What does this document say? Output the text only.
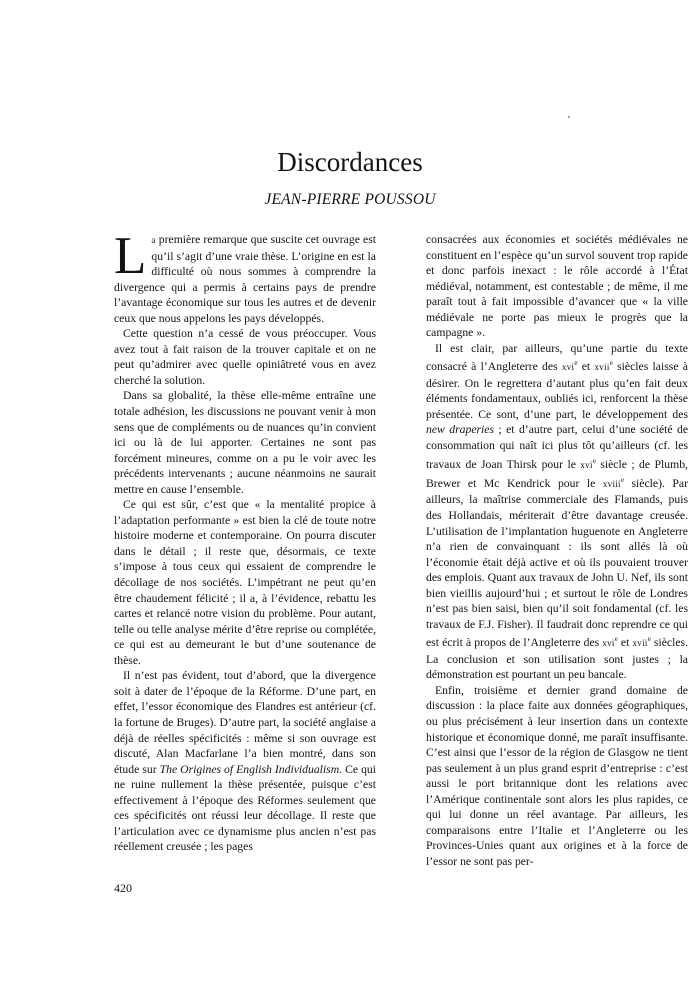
Discordances
JEAN-PIERRE POUSSOU

La première remarque que suscite cet ouvrage est qu’il s’agit d’une vraie thèse. L’origine en est la difficulté où nous sommes à comprendre la divergence qui a permis à certains pays de prendre l’avantage économique sur tous les autres et de devenir ceux que nous appelons les pays développés.

Cette question n’a cessé de vous préoccuper. Vous avez tout à fait raison de la trouver capitale et on ne peut qu’admirer avec quelle opiniâtreté vous en avez cherché la solution.

Dans sa globalité, la thèse elle-même entraîne une totale adhésion, les discussions ne pouvant venir à mon sens que de compléments ou de nuances qu’in convient ici ou là de lui apporter. Certaines ne sont pas forcément mineures, comme on a pu le voir avec les précédents intervenants ; aucune néanmoins ne saurait mettre en cause l’ensemble.

Ce qui est sûr, c’est que « la mentalité propice à l’adaptation performante » est bien la clé de toute notre histoire moderne et contemporaine. On pourra discuter dans le détail ; il reste que, désormais, ce texte s’impose à tous ceux qui essaient de comprendre le décollage de nos sociétés. L’impétrant ne peut qu’en être chaudement félicité ; il a, à l’évidence, rebattu les cartes et relancé notre vision du problème. Pour autant, telle ou telle analyse mérite d’être reprise ou complétée, ce qui est au demeurant le but d’une soutenance de thèse.

Il n’est pas évident, tout d’abord, que la divergence soit à dater de l’époque de la Réforme. D’une part, en effet, l’essor économique des Flandres est antérieur (cf. la fortune de Bruges). D’autre part, la société anglaise a déjà de réelles spécificités : même si son ouvrage est discuté, Alan Macfarlane l’a bien montré, dans son étude sur The Origines of English Individualism. Ce qui ne ruine nullement la thèse présentée, puisque c’est effectivement à l’époque des Réformes seulement que ces spécificités ont réussi leur décollage. Il reste que l’articulation avec ce dynamisme plus ancien n’est pas réellement creusée ; les pages

consacrées aux économies et sociétés médiévales ne constituent en l’espèce qu’un survol souvent trop rapide et donc parfois inexact : le rôle accordé à l’État médiéval, notamment, est contestable ; de même, il me paraît tout à fait impossible d’avancer que « la ville médiévale ne porte pas mieux le progrès que la campagne ».

Il est clair, par ailleurs, qu’une partie du texte consacré à l’Angleterre des xvi$^e$ et xvii$^e$ siècles laisse à désirer. On le regrettera d’autant plus qu’en fait deux éléments fondamentaux, oubliés ici, renforcent la thèse présentée. Ce sont, d’une part, le développement des new draperies ; et d’autre part, celui d’une société de consommation qui naît ici plus tôt qu’ailleurs (cf. les travaux de Joan Thirsk pour le xvi$^e$ siècle ; de Plumb, Brewer et Mc Kendrick pour le xviii$^e$ siècle). Par ailleurs, la maîtrise commerciale des Flamands, puis des Hollandais, mériterait d’être davantage creusée. L’utilisation de l’implantation huguenote en Angleterre n’a rien de convainquant : ils sont allés là où l’économie était déjà active et où ils pouvaient trouver des emplois. Quant aux travaux de John U. Nef, ils sont bien vieillis aujourd’hui ; et surtout le rôle de Londres n’est pas bien saisi, bien qu’il soit fondamental (cf. les travaux de F.J. Fisher). Il faudrait donc reprendre ce qui est écrit à propos de l’Angleterre des xvi$^e$ et xvii$^e$ siècles. La conclusion et son utilisation sont justes ; la démonstration est pourtant un peu bancale.

Enfin, troisième et dernier grand domaine de discussion : la place faite aux données géographiques, ou plus précisément à leur insertion dans un contexte historique et économique donné, me paraît insuffisante. C’est ainsi que l’essor de la région de Glasgow ne tient pas seulement à un plus grand esprit d’entreprise : c’est aussi le port britannique dont les relations avec l’Amérique continentale sont alors les plus rapides, ce qui lui donne un réel avantage. Par ailleurs, les comparaisons entre l’Italie et l’Angleterre ou les Provinces-Unies quant aux origines et à la force de l’essor ne sont pas per-

420
